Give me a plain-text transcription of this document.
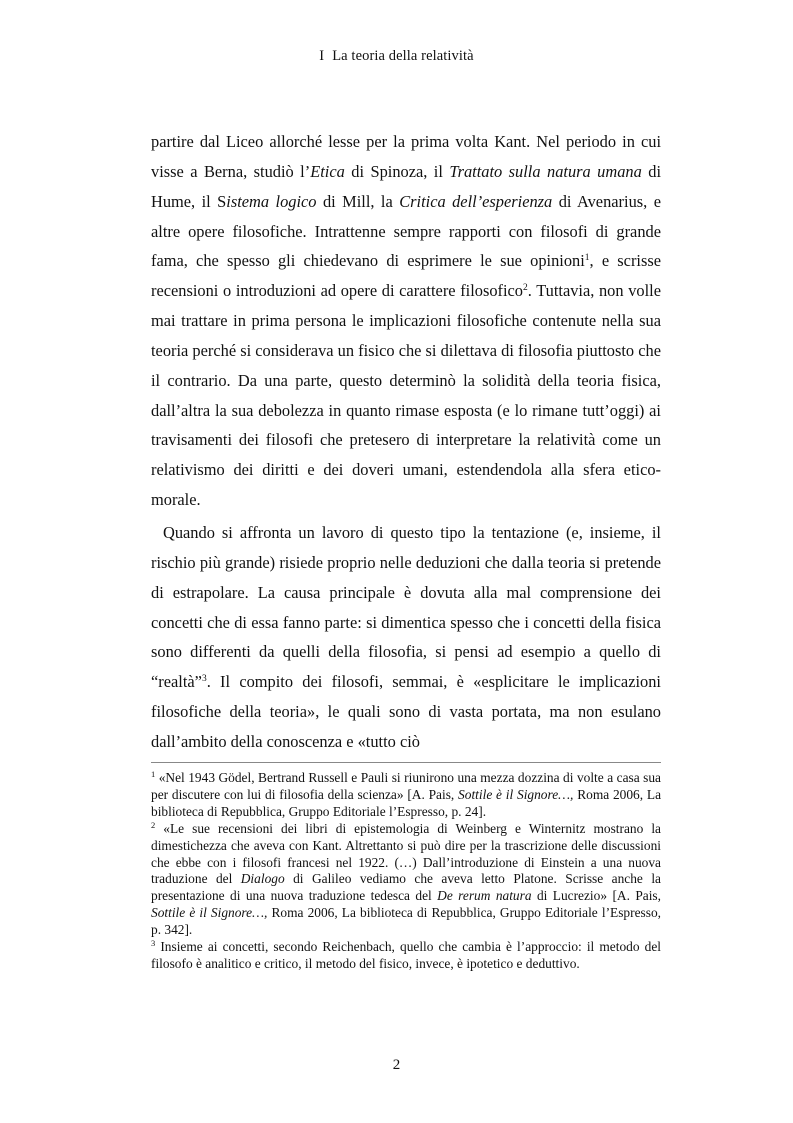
I La teoria della relatività

partire dal Liceo allorché lesse per la prima volta Kant. Nel periodo in cui visse a Berna, studiò l’Etica di Spinoza, il Trattato sulla natura umana di Hume, il Sistema logico di Mill, la Critica dell’esperienza di Avenarius, e altre opere filosofiche. Intrattenne sempre rapporti con filosofi di grande fama, che spesso gli chiedevano di esprimere le sue opinioni$^1$, e scrisse recensioni o introduzioni ad opere di carattere filosofico$^2$. Tuttavia, non volle mai trattare in prima persona le implicazioni filosofiche contenute nella sua teoria perché si considerava un fisico che si dilettava di filosofia piuttosto che il contrario. Da una parte, questo determinò la solidità della teoria fisica, dall’altra la sua debolezza in quanto rimase esposta (e lo rimane tutt’oggi) ai travisamenti dei filosofi che pretesero di interpretare la relatività come un relativismo dei diritti e dei doveri umani, estendendola alla sfera etico-morale.

Quando si affronta un lavoro di questo tipo la tentazione (e, insieme, il rischio più grande) risiede proprio nelle deduzioni che dalla teoria si pretende di estrapolare. La causa principale è dovuta alla mal comprensione dei concetti che di essa fanno parte: si dimentica spesso che i concetti della fisica sono differenti da quelli della filosofia, si pensi ad esempio a quello di “realtà”$^3$. Il compito dei filosofi, semmai, è «esplicitare le implicazioni filosofiche della teoria», le quali sono di vasta portata, ma non esulano dall’ambito della conoscenza e «tutto ciò

$^1$ «Nel 1943 Gödel, Bertrand Russell e Pauli si riunirono una mezza dozzina di volte a casa sua per discutere con lui di filosofia della scienza» [A. Pais, Sottile è il Signore…, Roma 2006, La biblioteca di Repubblica, Gruppo Editoriale l’Espresso, p. 24].

$^2$ «Le sue recensioni dei libri di epistemologia di Weinberg e Winternitz mostrano la dimestichezza che aveva con Kant. Altrettanto si può dire per la trascrizione delle discussioni che ebbe con i filosofi francesi nel 1922. (…) Dall’introduzione di Einstein a una nuova traduzione del Dialogo di Galileo vediamo che aveva letto Platone. Scrisse anche la presentazione di una nuova traduzione tedesca del De rerum natura di Lucrezio» [A. Pais, Sottile è il Signore…, Roma 2006, La biblioteca di Repubblica, Gruppo Editoriale l’Espresso, p. 342].

$^3$ Insieme ai concetti, secondo Reichenbach, quello che cambia è l’approccio: il metodo del filosofo è analitico e critico, il metodo del fisico, invece, è ipotetico e deduttivo.

2
